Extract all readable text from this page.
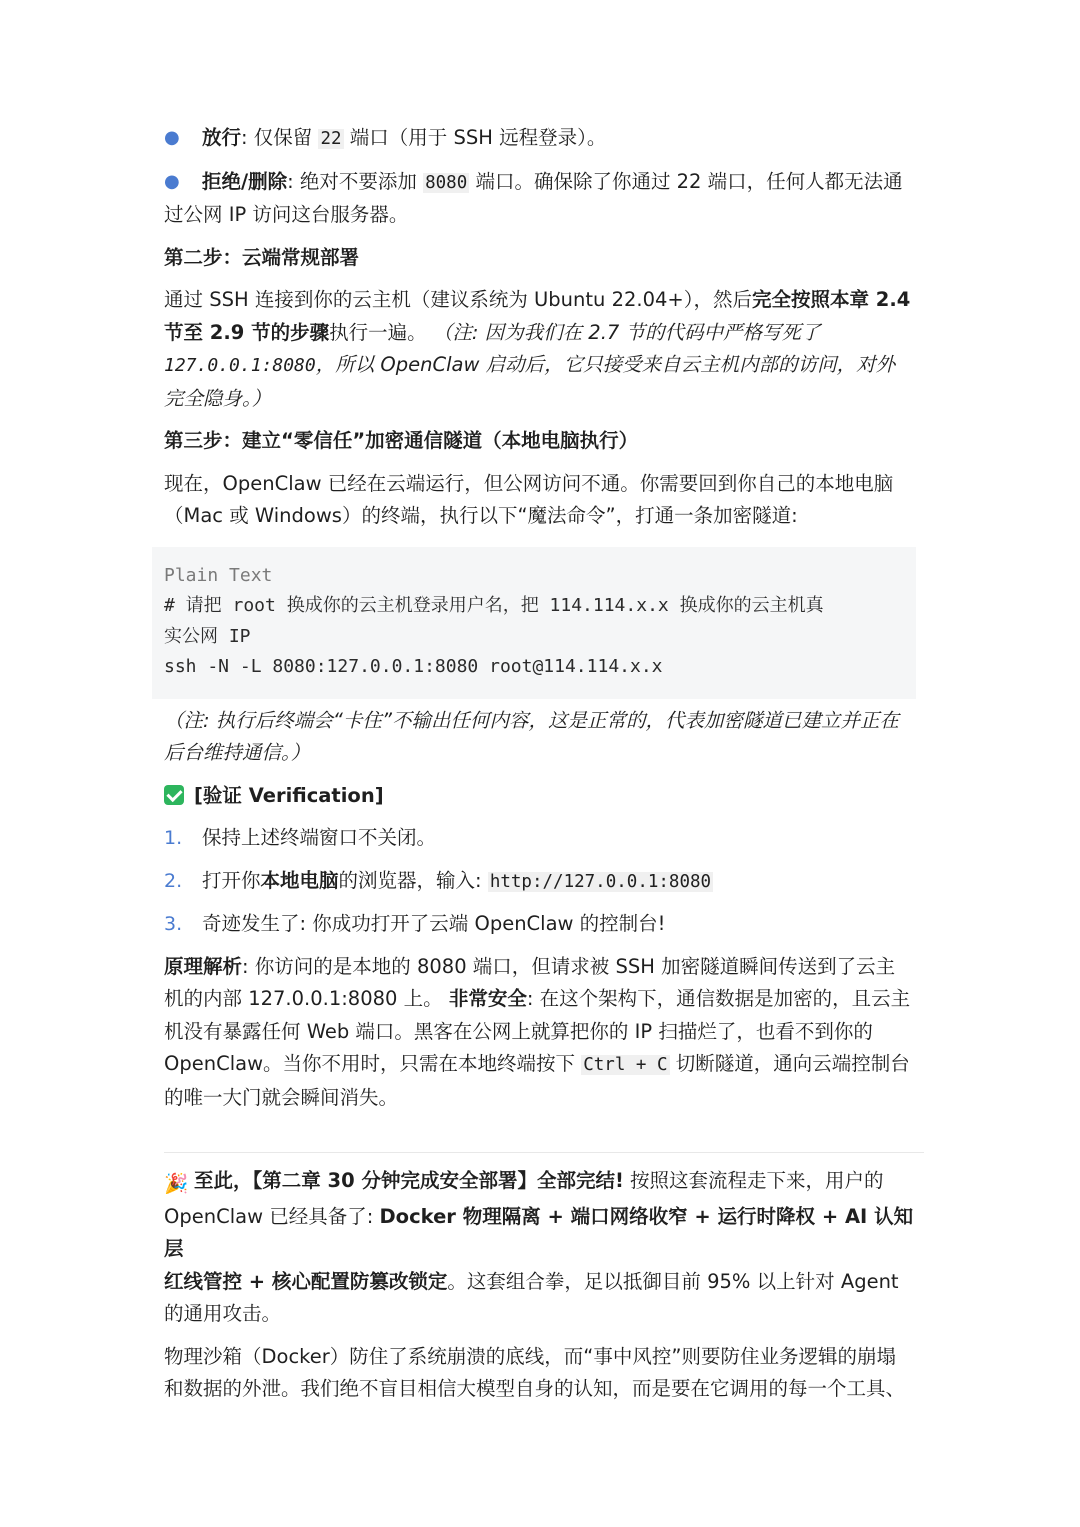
●	放行: 仅保留 22 端口（用于 SSH 远程登录）。

●	拒绝/删除: 绝对不要添加 8080 端口。确保除了你通过 22 端口，任何人都无法通

过公网 IP 访问这台服务器。

第二步：云端常规部署

通过 SSH 连接到你的云主机（建议系统为 Ubuntu 22.04+），然后完全按照本章 2.4

节至 2.9 节的步骤执行一遍。 （注: 因为我们在 2.7 节的代码中严格写死了

127.0.0.1:8080，所以 OpenClaw 启动后，它只接受来自云主机内部的访问，对外

完全隐身。）

第三步：建立“零信任”加密通信隧道（本地电脑执行）

现在，OpenClaw 已经在云端运行，但公网访问不通。你需要回到你自己的本地电脑

（Mac 或 Windows）的终端，执行以下“魔法命令”，打通一条加密隧道:

Plain Text
# 请把 root 换成你的云主机登录用户名，把 114.114.x.x 换成你的云主机真
实公网 IP
ssh -N -L 8080:127.0.0.1:8080 root@114.114.x.x

（注: 执行后终端会“卡住”不输出任何内容，这是正常的，代表加密隧道已建立并正在

后台维持通信。）

[验证 Verification]

1.	保持上述终端窗口不关闭。

2.	打开你本地电脑的浏览器，输入: http://127.0.0.1:8080

3.	奇迹发生了: 你成功打开了云端 OpenClaw 的控制台!

原理解析: 你访问的是本地的 8080 端口，但请求被 SSH 加密隧道瞬间传送到了云主

机的内部 127.0.0.1:8080 上。 非常安全: 在这个架构下，通信数据是加密的，且云主

机没有暴露任何 Web 端口。黑客在公网上就算把你的 IP 扫描烂了，也看不到你的

OpenClaw。当你不用时，只需在本地终端按下 Ctrl + C 切断隧道，通向云端控制台

的唯一大门就会瞬间消失。

🎉 至此，【第二章 30 分钟完成安全部署】全部完结! 按照这套流程走下来，用户的

OpenClaw 已经具备了: Docker 物理隔离 + 端口网络收窄 + 运行时降权 + AI 认知层

红线管控 + 核心配置防篡改锁定。这套组合拳，足以抵御目前 95% 以上针对 Agent

的通用攻击。

物理沙箱（Docker）防住了系统崩溃的底线，而“事中风控”则要防住业务逻辑的崩塌

和数据的外泄。我们绝不盲目相信大模型自身的认知，而是要在它调用的每一个工具、
